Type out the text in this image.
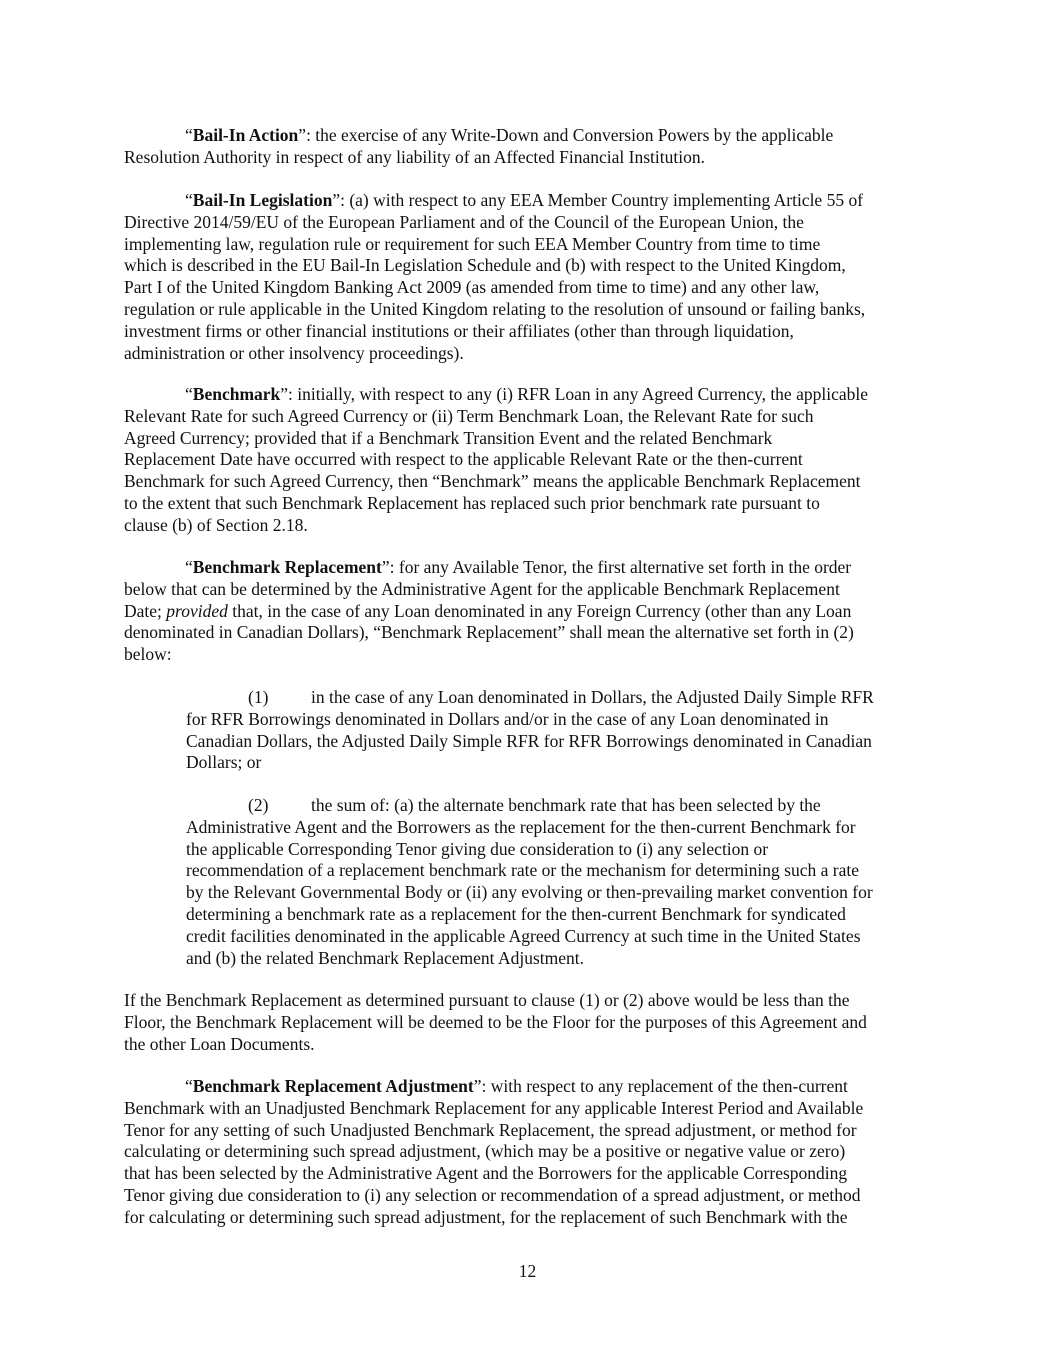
“Bail-In Action”: the exercise of any Write-Down and Conversion Powers by the applicable
Resolution Authority in respect of any liability of an Affected Financial Institution.
“Bail-In Legislation”: (a) with respect to any EEA Member Country implementing Article 55 of
Directive 2014/59/EU of the European Parliament and of the Council of the European Union, the
implementing law, regulation rule or requirement for such EEA Member Country from time to time
which is described in the EU Bail-In Legislation Schedule and (b) with respect to the United Kingdom,
Part I of the United Kingdom Banking Act 2009 (as amended from time to time) and any other law,
regulation or rule applicable in the United Kingdom relating to the resolution of unsound or failing banks,
investment firms or other financial institutions or their affiliates (other than through liquidation,
administration or other insolvency proceedings).
“Benchmark”: initially, with respect to any (i) RFR Loan in any Agreed Currency, the applicable
Relevant Rate for such Agreed Currency or (ii) Term Benchmark Loan, the Relevant Rate for such
Agreed Currency; provided that if a Benchmark Transition Event and the related Benchmark
Replacement Date have occurred with respect to the applicable Relevant Rate or the then-current
Benchmark for such Agreed Currency, then “Benchmark” means the applicable Benchmark Replacement
to the extent that such Benchmark Replacement has replaced such prior benchmark rate pursuant to
clause (b) of Section 2.18.
“Benchmark Replacement”: for any Available Tenor, the first alternative set forth in the order
below that can be determined by the Administrative Agent for the applicable Benchmark Replacement
Date; provided that, in the case of any Loan denominated in any Foreign Currency (other than any Loan
denominated in Canadian Dollars), “Benchmark Replacement” shall mean the alternative set forth in (2)
below:
(1) in the case of any Loan denominated in Dollars, the Adjusted Daily Simple RFR
for RFR Borrowings denominated in Dollars and/or in the case of any Loan denominated in
Canadian Dollars, the Adjusted Daily Simple RFR for RFR Borrowings denominated in Canadian
Dollars; or
(2) the sum of: (a) the alternate benchmark rate that has been selected by the
Administrative Agent and the Borrowers as the replacement for the then-current Benchmark for
the applicable Corresponding Tenor giving due consideration to (i) any selection or
recommendation of a replacement benchmark rate or the mechanism for determining such a rate
by the Relevant Governmental Body or (ii) any evolving or then-prevailing market convention for
determining a benchmark rate as a replacement for the then-current Benchmark for syndicated
credit facilities denominated in the applicable Agreed Currency at such time in the United States
and (b) the related Benchmark Replacement Adjustment.
If the Benchmark Replacement as determined pursuant to clause (1) or (2) above would be less than the
Floor, the Benchmark Replacement will be deemed to be the Floor for the purposes of this Agreement and
the other Loan Documents.
“Benchmark Replacement Adjustment”: with respect to any replacement of the then-current
Benchmark with an Unadjusted Benchmark Replacement for any applicable Interest Period and Available
Tenor for any setting of such Unadjusted Benchmark Replacement, the spread adjustment, or method for
calculating or determining such spread adjustment, (which may be a positive or negative value or zero)
that has been selected by the Administrative Agent and the Borrowers for the applicable Corresponding
Tenor giving due consideration to (i) any selection or recommendation of a spread adjustment, or method
for calculating or determining such spread adjustment, for the replacement of such Benchmark with the
12
